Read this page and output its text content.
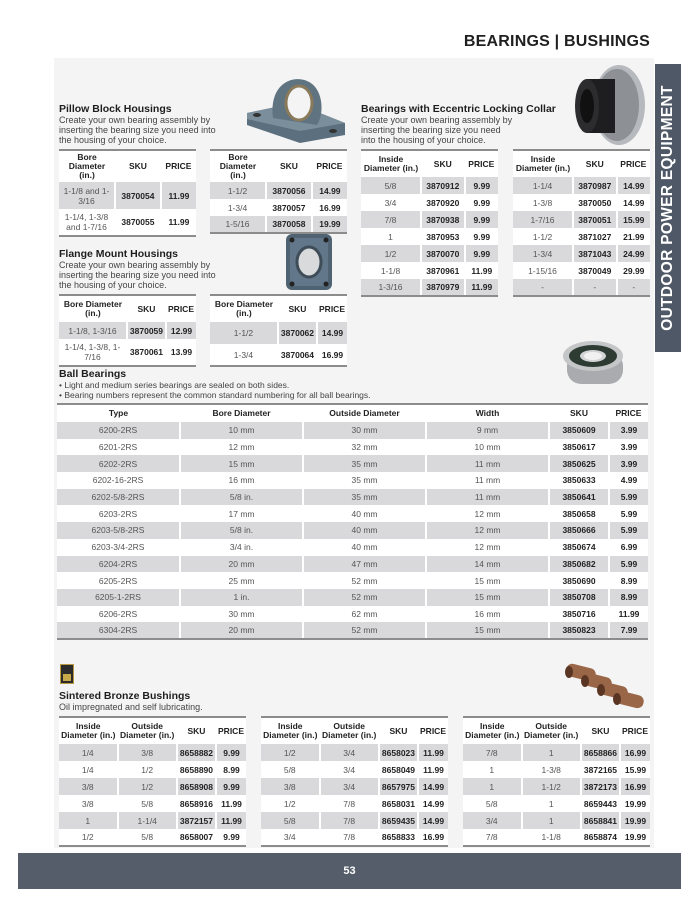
BEARINGS | BUSHINGS
OUTDOOR POWER EQUIPMENT
Pillow Block Housings
Create your own bearing assembly by inserting the bearing size you need into the housing of your choice.
Bore Diameter (in.)	SKU	PRICE
1-1/8 and 1-3/16	3870054	11.99
1-1/4, 1-3/8 and 1-7/16	3870055	11.99
Bore Diameter (in.)	SKU	PRICE
1-1/2	3870056	14.99
1-3/4	3870057	16.99
1-5/16	3870058	19.99
Bearings with Eccentric Locking Collar
Create your own bearing assembly by inserting the bearing size you need into the housing of your choice.
Inside Diameter (in.)	SKU	PRICE
5/8	3870912	9.99
3/4	3870920	9.99
7/8	3870938	9.99
1	3870953	9.99
1/2	3870070	9.99
1-1/8	3870961	11.99
1-3/16	3870979	11.99
Inside Diameter (in.)	SKU	PRICE
1-1/4	3870987	14.99
1-3/8	3870050	14.99
1-7/16	3870051	15.99
1-1/2	3871027	21.99
1-3/4	3871043	24.99
1-15/16	3870049	29.99
-	-	-
Flange Mount Housings
Create your own bearing assembly by inserting the bearing size you need into the housing of your choice.
Bore Diameter (in.)	SKU	PRICE
1-1/8, 1-3/16	3870059	12.99
1-1/4, 1-3/8, 1-7/16	3870061	13.99
Bore Diameter (in.)	SKU	PRICE
1-1/2	3870062	14.99
1-3/4	3870064	16.99
Ball Bearings
• Light and medium series bearings are sealed on both sides.
• Bearing numbers represent the common standard numbering for all ball bearings.
Type	Bore Diameter	Outside Diameter	Width	SKU	PRICE
6200-2RS	10 mm	30 mm	9 mm	3850609	3.99
6201-2RS	12 mm	32 mm	10 mm	3850617	3.99
6202-2RS	15 mm	35 mm	11 mm	3850625	3.99
6202-16-2RS	16 mm	35 mm	11 mm	3850633	4.99
6202-5/8-2RS	5/8 in.	35 mm	11 mm	3850641	5.99
6203-2RS	17 mm	40 mm	12 mm	3850658	5.99
6203-5/8-2RS	5/8 in.	40 mm	12 mm	3850666	5.99
6203-3/4-2RS	3/4 in.	40 mm	12 mm	3850674	6.99
6204-2RS	20 mm	47 mm	14 mm	3850682	5.99
6205-2RS	25 mm	52 mm	15 mm	3850690	8.99
6205-1-2RS	1 in.	52 mm	15 mm	3850708	8.99
6206-2RS	30 mm	62 mm	16 mm	3850716	11.99
6304-2RS	20 mm	52 mm	15 mm	3850823	7.99
Sintered Bronze Bushings
Oil impregnated and self lubricating.
Inside Diameter (in.)	Outside Diameter (in.)	SKU	PRICE
1/4	3/8	8658882	9.99
1/4	1/2	8658890	8.99
3/8	1/2	8658908	9.99
3/8	5/8	8658916	11.99
1	1-1/4	3872157	11.99
1/2	5/8	8658007	9.99
Inside Diameter (in.)	Outside Diameter (in.)	SKU	PRICE
1/2	3/4	8658023	11.99
5/8	3/4	8658049	11.99
3/8	3/4	8657975	14.99
1/2	7/8	8658031	14.99
5/8	7/8	8659435	14.99
3/4	7/8	8658833	16.99
Inside Diameter (in.)	Outside Diameter (in.)	SKU	PRICE
7/8	1	8658866	16.99
1	1-3/8	3872165	15.99
1	1-1/2	3872173	16.99
5/8	1	8659443	19.99
3/4	1	8658841	19.99
7/8	1-1/8	8658874	19.99
53
